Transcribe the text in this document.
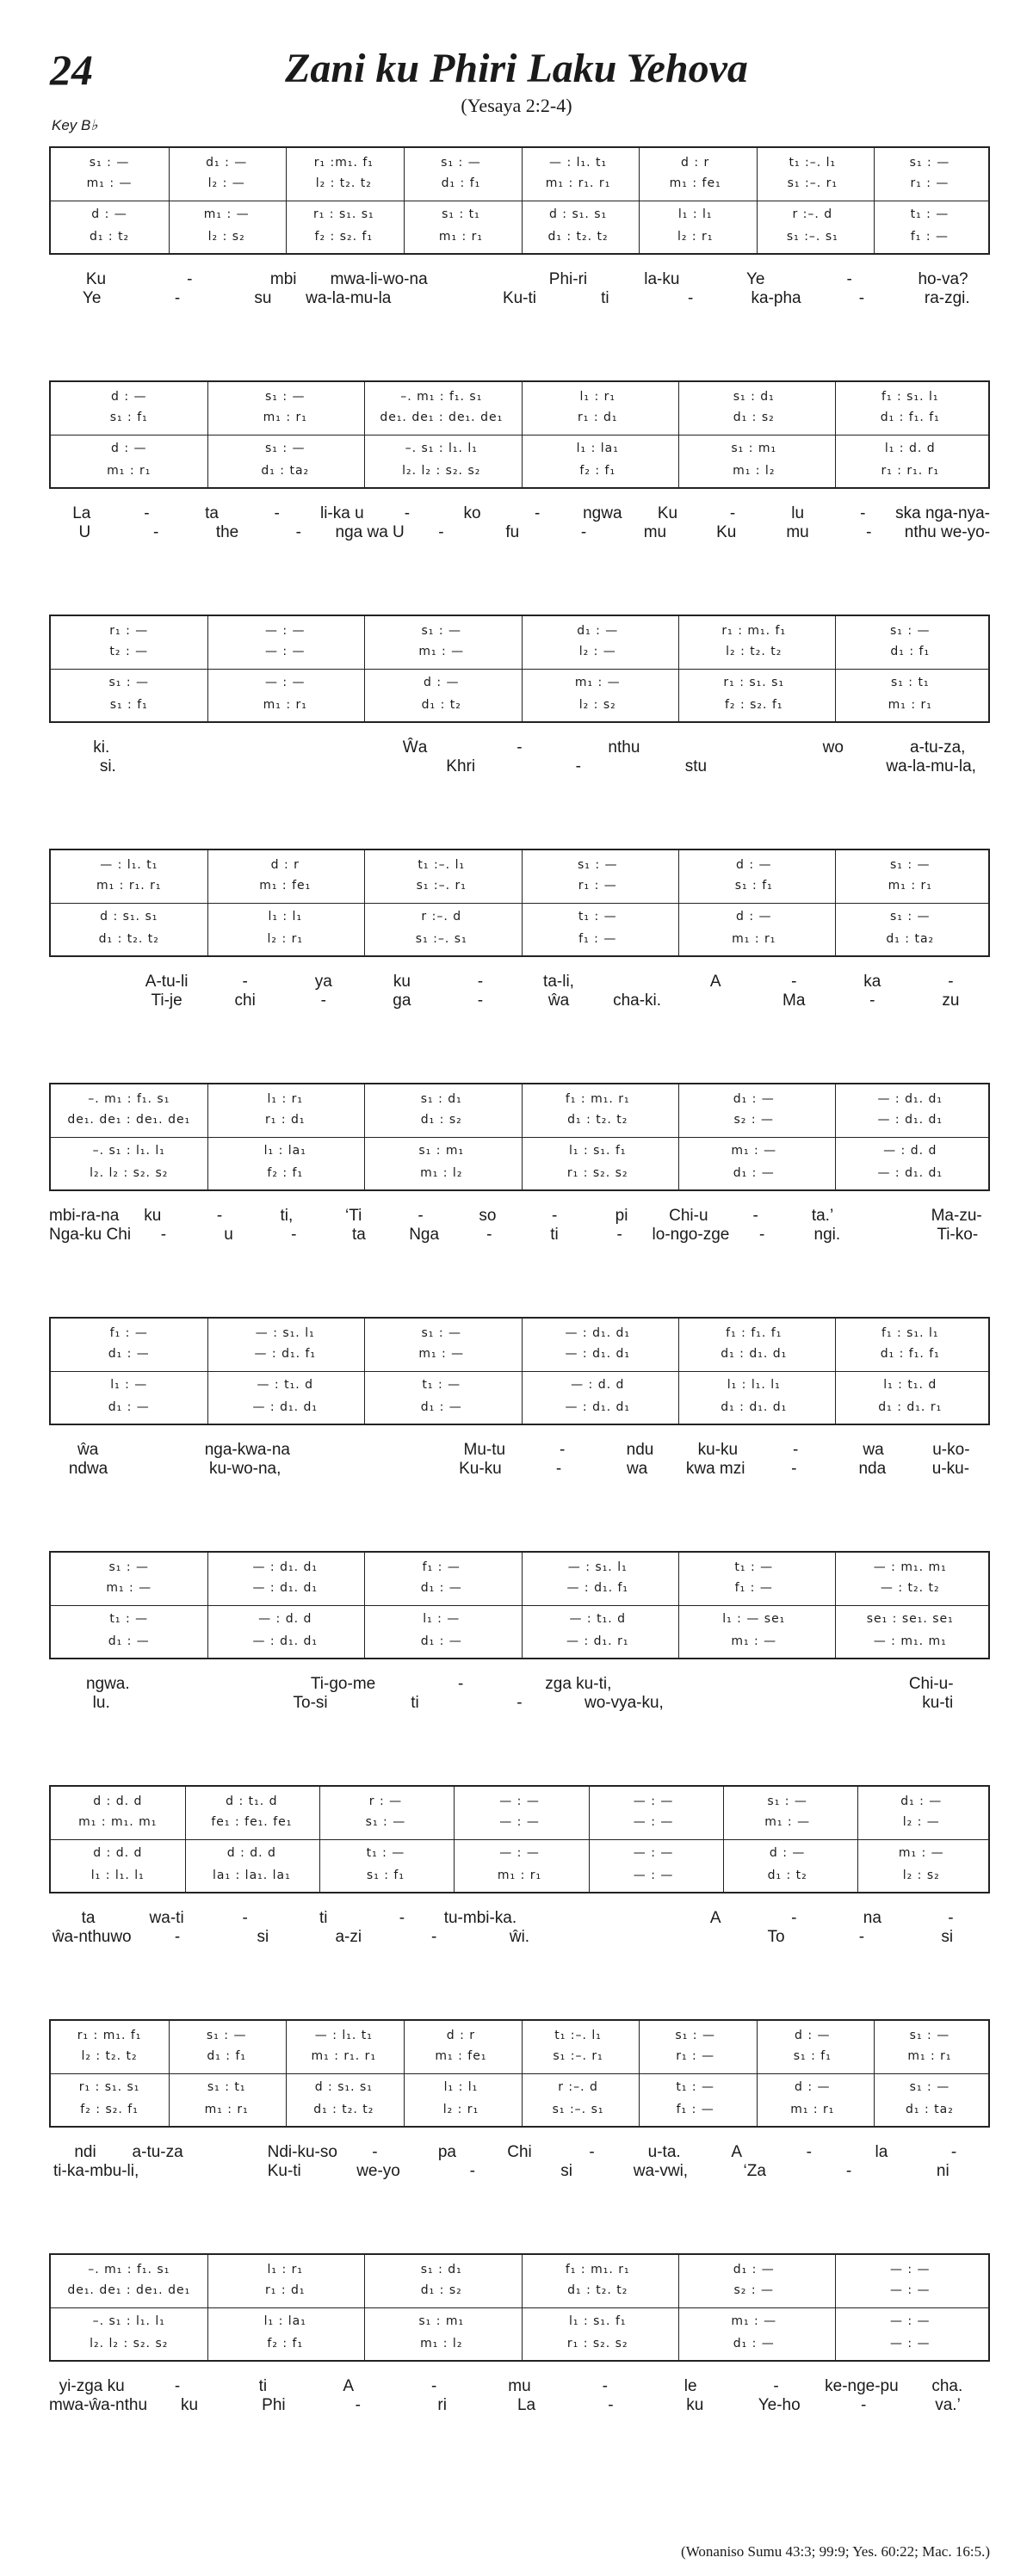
24	Zani ku Phiri Laku Yehova
(Yesaya 2:2-4)
Key B♭
s₁ : —	d₁ : —	r₁ :m₁. f₁	s₁ : —	— : l₁. t₁	d : r	t₁ :–. l₁	s₁ : —
m₁ : —	l₂ : —	l₂ : t₂. t₂	d₁ : f₁	m₁ : r₁. r₁	m₁ : fe₁	s₁ :–. r₁	r₁ : —
d : —	m₁ : —	r₁ : s₁. s₁	s₁ : t₁	d : s₁. s₁	l₁ : l₁	r :–. d	t₁ : —
d₁ : t₂	l₂ : s₂	f₂ : s₂. f₁	m₁ : r₁	d₁ : t₂. t₂	l₂ : r₁	s₁ :–. s₁	f₁ : —
Ku	-	mbi	mwa-li-wo-na	Phi-ri	la-ku	Ye	-	ho-va?
Ye	-	su	wa-la-mu-la	Ku-ti	ti	-	ka-pha	-	ra-zgi.
d : —	s₁ : —	–. m₁ : f₁. s₁	l₁ : r₁	s₁ : d₁	f₁ : s₁. l₁
s₁ : f₁	m₁ : r₁	de₁. de₁ : de₁. de₁	r₁ : d₁	d₁ : s₂	d₁ : f₁. f₁
d : —	s₁ : —	–. s₁ : l₁. l₁	l₁ : la₁	s₁ : m₁	l₁ : d. d
m₁ : r₁	d₁ : ta₂	l₂. l₂ : s₂. s₂	f₂ : f₁	m₁ : l₂	r₁ : r₁. r₁
La	-	ta	-	li-ka u	-	ko	-	ngwa	Ku	-	lu	-	ska nga-nya-
U	-	the	-	nga wa U	-	fu	-	mu	Ku	mu	-	nthu we-yo-
r₁ : —	— : —	s₁ : —	d₁ : —	r₁ : m₁. f₁	s₁ : —
t₂ : —	— : —	m₁ : —	l₂ : —	l₂ : t₂. t₂	d₁ : f₁
s₁ : —	— : —	d : —	m₁ : —	r₁ : s₁. s₁	s₁ : t₁
s₁ : f₁	m₁ : r₁	d₁ : t₂	l₂ : s₂	f₂ : s₂. f₁	m₁ : r₁
ki.	Ŵa	-	nthu	wo	a-tu-za,
si.	Khri	-	stu	wa-la-mu-la,
— : l₁. t₁	d : r	t₁ :–. l₁	s₁ : —	d : —	s₁ : —
m₁ : r₁. r₁	m₁ : fe₁	s₁ :–. r₁	r₁ : —	s₁ : f₁	m₁ : r₁
d : s₁. s₁	l₁ : l₁	r :–. d	t₁ : —	d : —	s₁ : —
d₁ : t₂. t₂	l₂ : r₁	s₁ :–. s₁	f₁ : —	m₁ : r₁	d₁ : ta₂
A-tu-li	-	ya	ku	-	ta-li,	A	-	ka	-
Ti-je	chi	-	ga	-	ŵa	cha-ki.	Ma	-	zu
–. m₁ : f₁. s₁	l₁ : r₁	s₁ : d₁	f₁ : m₁. r₁	d₁ : —	— : d₁. d₁
de₁. de₁ : de₁. de₁	r₁ : d₁	d₁ : s₂	d₁ : t₂. t₂	s₂ : —	— : d₁. d₁
–. s₁ : l₁. l₁	l₁ : la₁	s₁ : m₁	l₁ : s₁. f₁	m₁ : —	— : d. d
l₂. l₂ : s₂. s₂	f₂ : f₁	m₁ : l₂	r₁ : s₂. s₂	d₁ : —	— : d₁. d₁
mbi-ra-na	ku	-	ti,	‘Ti	-	so	-	pi	Chi-u	-	ta.’	Ma-zu-
Nga-ku Chi	-	u	-	ta	Nga	-	ti	-	lo-ngo-zge	-	ngi.	Ti-ko-
f₁ : —	— : s₁. l₁	s₁ : —	— : d₁. d₁	f₁ : f₁. f₁	f₁ : s₁. l₁
d₁ : —	— : d₁. f₁	m₁ : —	— : d₁. d₁	d₁ : d₁. d₁	d₁ : f₁. f₁
l₁ : —	— : t₁. d	t₁ : —	— : d. d	l₁ : l₁. l₁	l₁ : t₁. d
d₁ : —	— : d₁. d₁	d₁ : —	— : d₁. d₁	d₁ : d₁. d₁	d₁ : d₁. r₁
ŵa	nga-kwa-na	Mu-tu	-	ndu	ku-ku	-	wa	u-ko-
ndwa	ku-wo-na,	Ku-ku	-	wa	kwa mzi	-	nda	u-ku-
s₁ : —	— : d₁. d₁	f₁ : —	— : s₁. l₁	t₁ : —	— : m₁. m₁
m₁ : —	— : d₁. d₁	d₁ : —	— : d₁. f₁	f₁ : —	— : t₂. t₂
t₁ : —	— : d. d	l₁ : —	— : t₁. d	l₁ : — se₁	se₁ : se₁. se₁
d₁ : —	— : d₁. d₁	d₁ : —	— : d₁. r₁	m₁ : —	— : m₁. m₁
ngwa.	Ti-go-me	-	zga ku-ti,	Chi-u-
lu.	To-si	ti	-	wo-vya-ku,	ku-ti
d : d. d	d : t₁. d	r : —	— : —	— : —	s₁ : —	d₁ : —
m₁ : m₁. m₁	fe₁ : fe₁. fe₁	s₁ : —	— : —	— : —	m₁ : —	l₂ : —
d : d. d	d : d. d	t₁ : —	— : —	— : —	d : —	m₁ : —
l₁ : l₁. l₁	la₁ : la₁. la₁	s₁ : f₁	m₁ : r₁	— : —	d₁ : t₂	l₂ : s₂
ta	wa-ti	-	ti	-	tu-mbi-ka.	A	-	na	-
ŵa-nthuwo	-	si	a-zi	-	ŵi.	To	-	si
r₁ : m₁. f₁	s₁ : —	— : l₁. t₁	d : r	t₁ :–. l₁	s₁ : —	d : —	s₁ : —
l₂ : t₂. t₂	d₁ : f₁	m₁ : r₁. r₁	m₁ : fe₁	s₁ :–. r₁	r₁ : —	s₁ : f₁	m₁ : r₁
r₁ : s₁. s₁	s₁ : t₁	d : s₁. s₁	l₁ : l₁	r :–. d	t₁ : —	d : —	s₁ : —
f₂ : s₂. f₁	m₁ : r₁	d₁ : t₂. t₂	l₂ : r₁	s₁ :–. s₁	f₁ : —	m₁ : r₁	d₁ : ta₂
ndi	a-tu-za	Ndi-ku-so	-	pa	Chi	-	u-ta.	A	-	la	-
ti-ka-mbu-li,	Ku-ti	we-yo	-	si	wa-vwi,	‘Za	-	ni
–. m₁ : f₁. s₁	l₁ : r₁	s₁ : d₁	f₁ : m₁. r₁	d₁ : —	— : —
de₁. de₁ : de₁. de₁	r₁ : d₁	d₁ : s₂	d₁ : t₂. t₂	s₂ : —	— : —
–. s₁ : l₁. l₁	l₁ : la₁	s₁ : m₁	l₁ : s₁. f₁	m₁ : —	— : —
l₂. l₂ : s₂. s₂	f₂ : f₁	m₁ : l₂	r₁ : s₂. s₂	d₁ : —	— : —
yi-zga ku	-	ti	A	-	mu	-	le	-	ke-nge-pu	cha.
mwa-ŵa-nthu	ku	Phi	-	ri	La	-	ku	Ye-ho	-	va.’
(Wonaniso Sumu 43:3; 99:9; Yes. 60:22; Mac. 16:5.)
